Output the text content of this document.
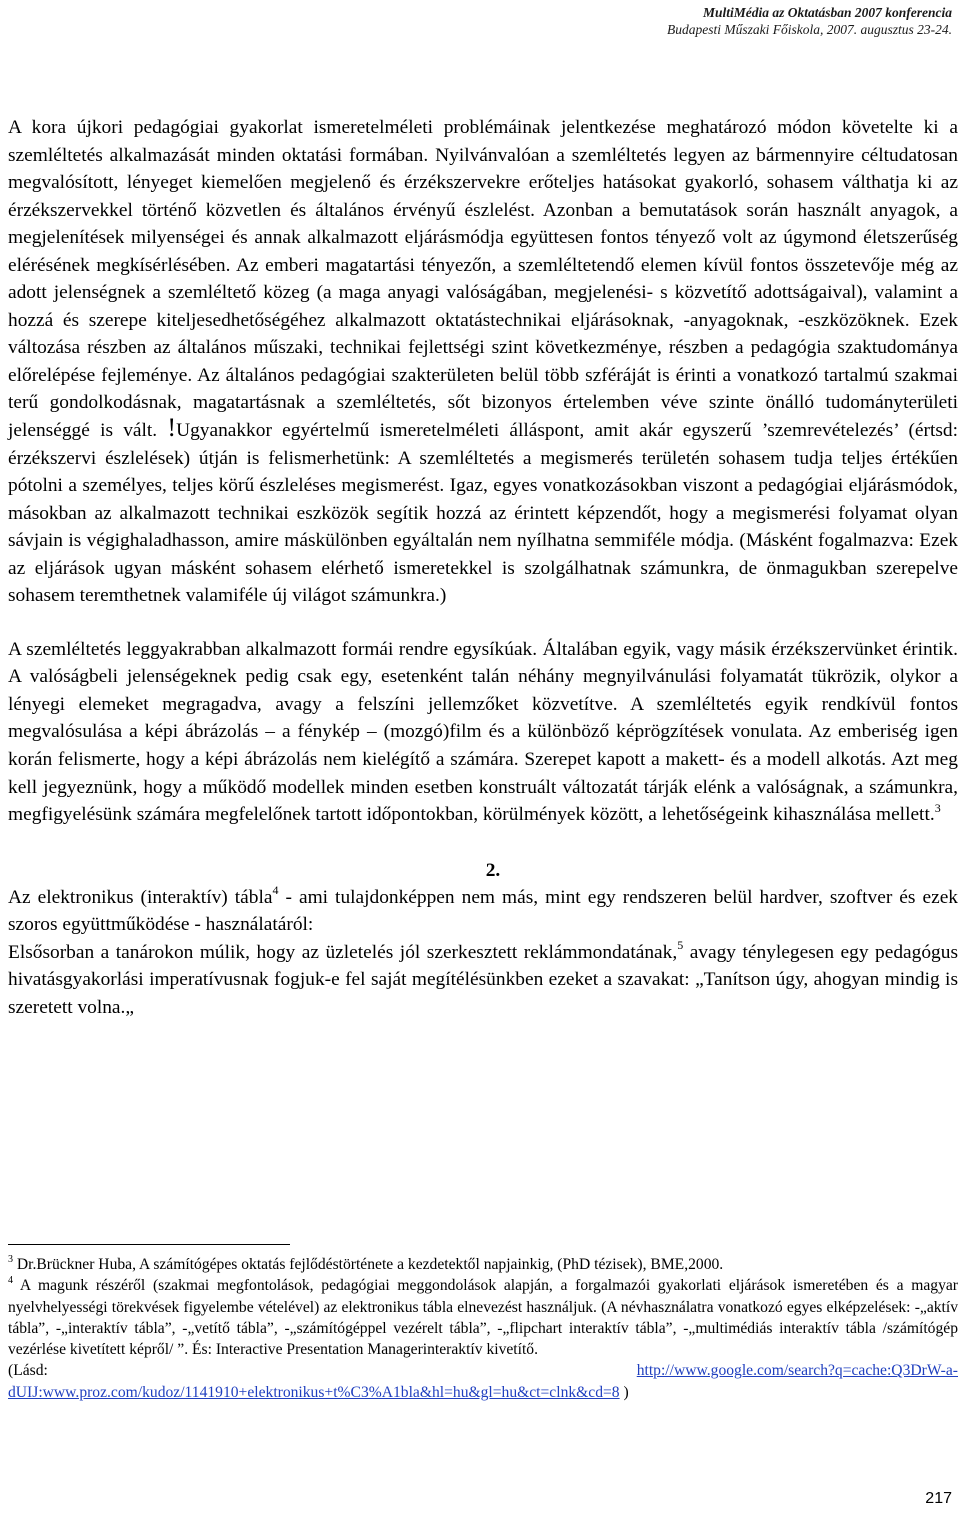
MultiMédia az Oktatásban 2007 konferencia
Budapesti Műszaki Főiskola, 2007. augusztus 23-24.

A kora újkori pedagógiai gyakorlat ismeretelméleti problémáinak jelentkezése meghatározó módon követelte ki a szemléltetés alkalmazását minden oktatási formában. Nyilvánvalóan a szemléltetés legyen az bármennyire céltudatosan megvalósított, lényeget kiemelően megjelenő és érzékszervekre erőteljes hatásokat gyakorló, sohasem válthatja ki az érzékszervekkel történő közvetlen és általános érvényű észlelést. Azonban a bemutatások során használt anyagok, a megjelenítések milyenségei és annak alkalmazott eljárásmódja együttesen fontos tényező volt az úgymond életszerűség elérésének megkísérlésében. Az emberi magatartási tényezőn, a szemléltetendő elemen kívül fontos összetevője még az adott jelenségnek a szemléltető közeg (a maga anyagi valóságában, megjelenési- s közvetítő adottságaival), valamint a hozzá és szerepe kiteljesedhetőségéhez alkalmazott oktatástechnikai eljárásoknak, -anyagoknak, -eszközöknek. Ezek változása részben az általános műszaki, technikai fejlettségi szint következménye, részben a pedagógia szaktudománya előrelépése fejleménye. Az általános pedagógiai szakterületen belül több szféráját is érinti a vonatkozó tartalmú szakmai terű gondolkodásnak, magatartásnak a szemléltetés, sőt bizonyos értelemben véve szinte önálló tudományterületi jelenséggé is vált. !Ugyanakkor egyértelmű ismeretelméleti álláspont, amit akár egyszerű ’szemrevételezés’ (értsd: érzékszervi észlelések) útján is felismerhetünk: A szemléltetés a megismerés területén sohasem tudja teljes értékűen pótolni a személyes, teljes körű észleléses megismerést. Igaz, egyes vonatkozásokban viszont a pedagógiai eljárásmódok, másokban az alkalmazott technikai eszközök segítik hozzá az érintett képzendőt, hogy a megismerési folyamat olyan sávjain is végighaladhasson, amire máskülönben egyáltalán nem nyílhatna semmiféle módja. (Másként fogalmazva: Ezek az eljárások ugyan másként sohasem elérhető ismeretekkel is szolgálhatnak számunkra, de önmagukban szerepelve sohasem teremthetnek valamiféle új világot számunkra.)

A szemléltetés leggyakrabban alkalmazott formái rendre egysíkúak. Általában egyik, vagy másik érzékszervünket érintik. A valóságbeli jelenségeknek pedig csak egy, esetenként talán néhány megnyilvánulási folyamatát tükrözik, olykor a lényegi elemeket megragadva, avagy a felszíni jellemzőket közvetítve. A szemléltetés egyik rendkívül fontos megvalósulása a képi ábrázolás – a fénykép – (mozgó)film és a különböző képrögzítések vonulata. Az emberiség igen korán felismerte, hogy a képi ábrázolás nem kielégítő a számára. Szerepet kapott a makett- és a modell alkotás. Azt meg kell jegyeznünk, hogy a működő modellek minden esetben konstruált változatát tárják elénk a valóságnak, a számunkra, megfigyelésünk számára megfelelőnek tartott időpontokban, körülmények között, a lehetőségeink kihasználása mellett.$^3$

2.

Az elektronikus (interaktív) tábla$^4$ - ami tulajdonképpen nem más, mint egy rendszeren belül hardver, szoftver és ezek szoros együttműködése - használatáról:

Elsősorban a tanárokon múlik, hogy az üzletelés jól szerkesztett reklámmondatának,$^5$ avagy ténylegesen egy pedagógus hivatásgyakorlási imperatívusnak fogjuk-e fel saját megítélésünkben ezeket a szavakat: „Tanítson úgy, ahogyan mindig is szeretett volna.„

$^3$ Dr.Brückner Huba, A számítógépes oktatás fejlődéstörténete a kezdetektől napjainkig, (PhD tézisek), BME,2000.

$^4$ A magunk részéről (szakmai megfontolások, pedagógiai meggondolások alapján, a forgalmazói gyakorlati eljárások ismeretében és a magyar nyelvhelyességi törekvések figyelembe vételével) az elektronikus tábla elnevezést használjuk. (A névhasználatra vonatkozó egyes elképzelések: -„aktív tábla”, -„interaktív tábla”, -„vetítő tábla”, -„számítógéppel vezérelt tábla”, -„flipchart interaktív tábla”, -„multimédiás interaktív tábla /számítógép vezérlése kivetített képről/ ”. És: Interactive Presentation Managerinteraktív kivetítő.
(Lásd: http://www.google.com/search?q=cache:Q3DrW-a-dUIJ:www.proz.com/kudoz/1141910+elektronikus+t%C3%A1bla&hl=hu&gl=hu&ct=clnk&cd=8 )

217
